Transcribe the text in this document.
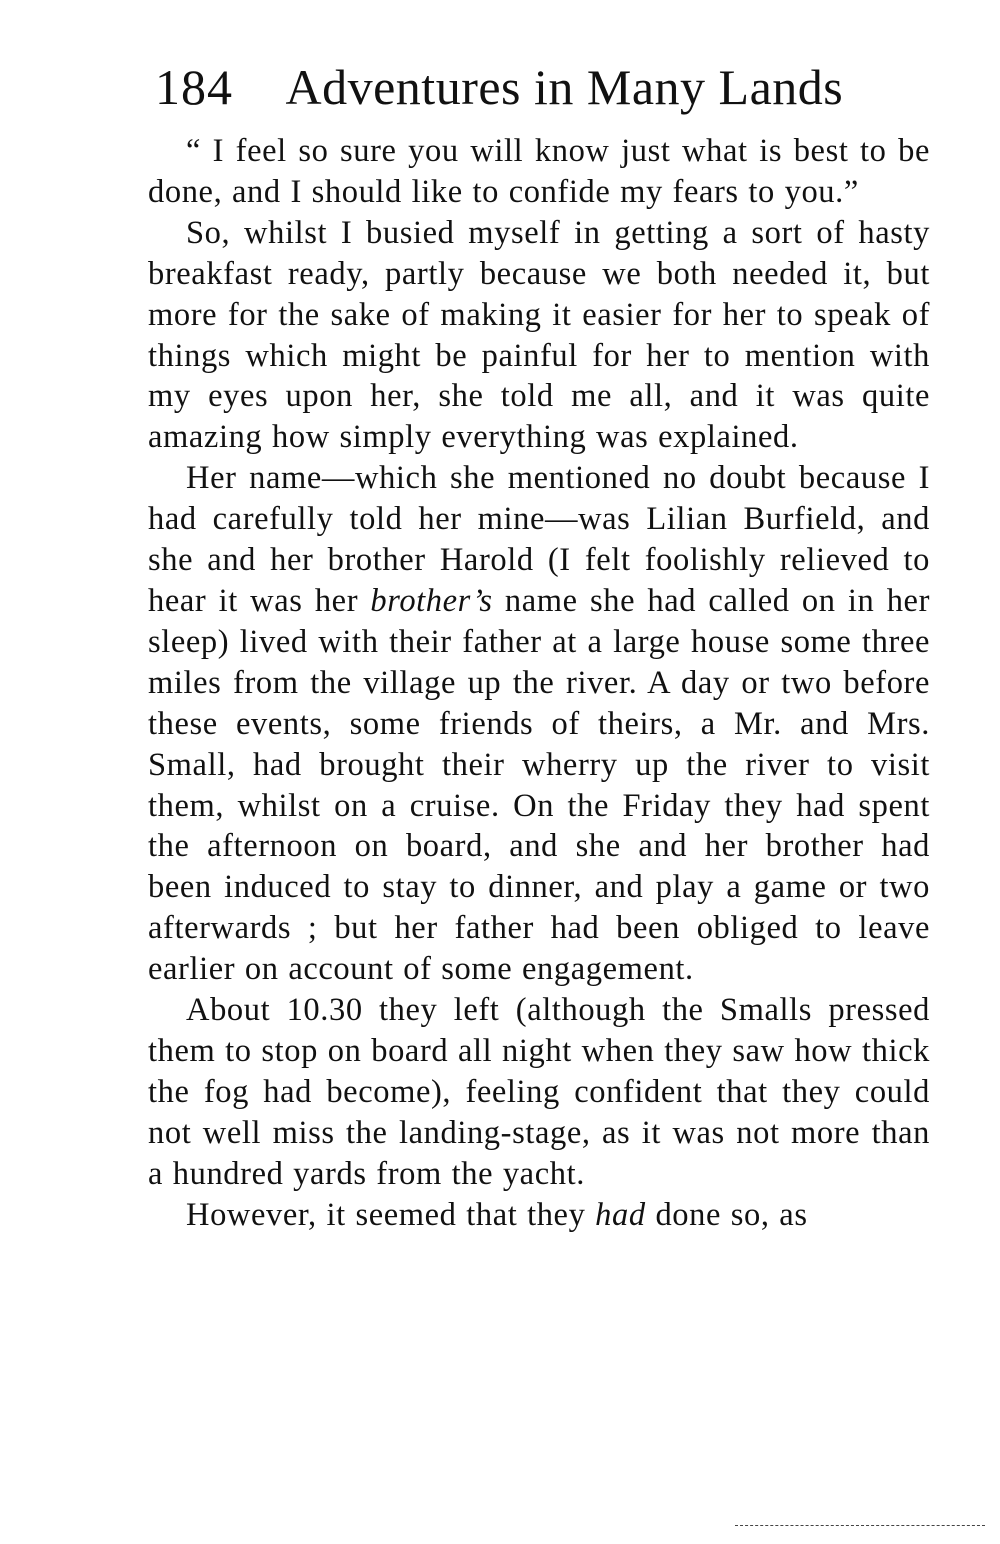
184 Adventures in Many Lands

“ I feel so sure you will know just what is best to be done, and I should like to confide my fears to you.”

So, whilst I busied myself in getting a sort of hasty breakfast ready, partly because we both needed it, but more for the sake of making it easier for her to speak of things which might be painful for her to mention with my eyes upon her, she told me all, and it was quite amazing how simply everything was explained.

Her name—which she mentioned no doubt because I had carefully told her mine—was Lilian Burfield, and she and her brother Harold (I felt foolishly relieved to hear it was her brother’s name she had called on in her sleep) lived with their father at a large house some three miles from the village up the river. A day or two before these events, some friends of theirs, a Mr. and Mrs. Small, had brought their wherry up the river to visit them, whilst on a cruise. On the Friday they had spent the afternoon on board, and she and her brother had been induced to stay to dinner, and play a game or two afterwards ; but her father had been obliged to leave earlier on account of some engagement.

About 10.30 they left (although the Smalls pressed them to stop on board all night when they saw how thick the fog had become), feeling confident that they could not well miss the landing-stage, as it was not more than a hundred yards from the yacht.

However, it seemed that they had done so, as
